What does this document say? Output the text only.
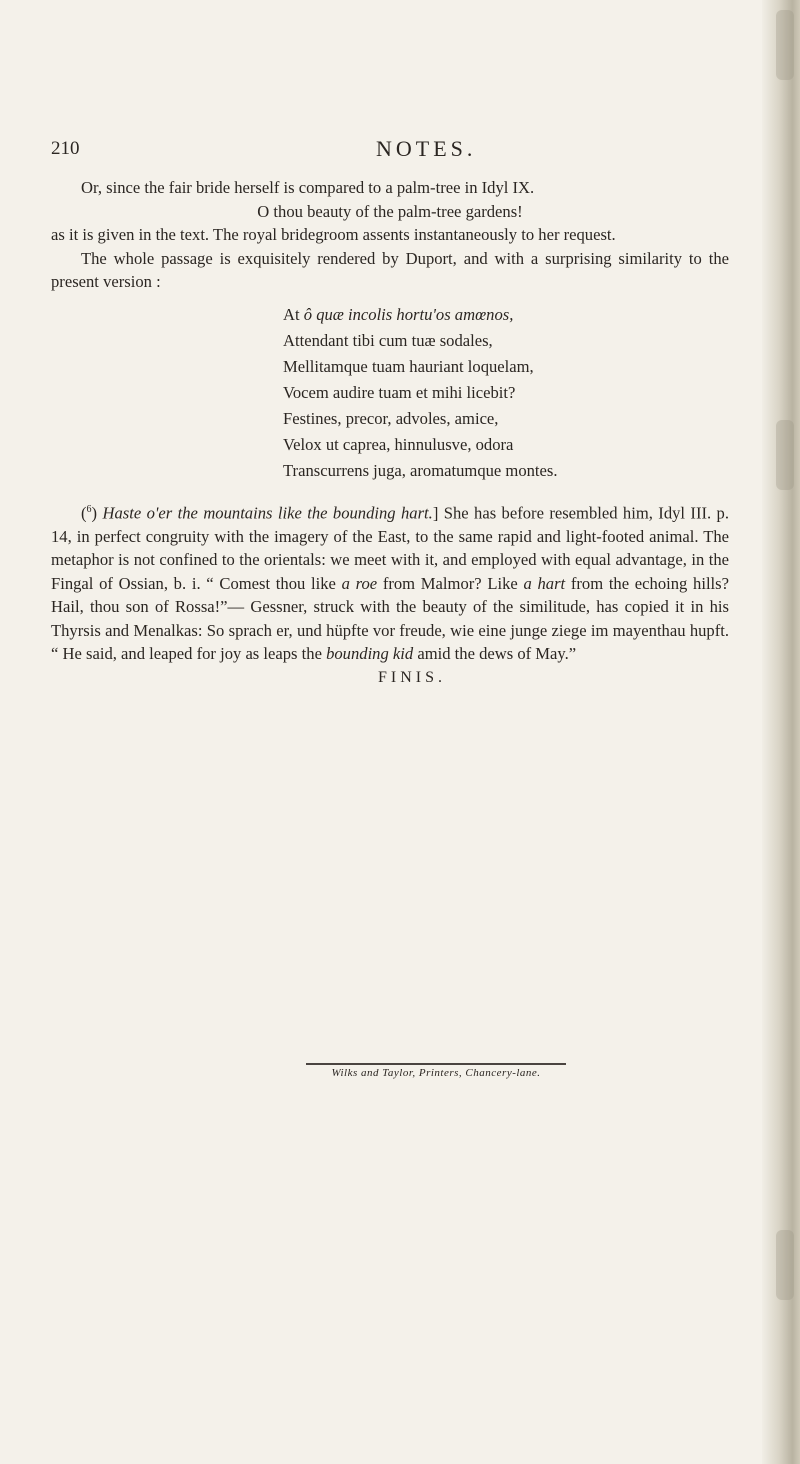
210	NOTES.

Or, since the fair bride herself is compared to a palm-tree in Idyl IX.

O thou beauty of the palm-tree gardens!

as it is given in the text. The royal bridegroom assents instantaneously to her request.

The whole passage is exquisitely rendered by Duport, and with a surprising similarity to the present version :

At ô quæ incolis hortu'os amœnos,
Attendant tibi cum tuæ sodales,
Mellitamque tuam hauriant loquelam,
Vocem audire tuam et mihi licebit?
Festines, precor, advoles, amice,
Velox ut caprea, hinnulusve, odora
Transcurrens juga, aromatumque montes.

($^6$) Haste o'er the mountains like the bounding hart.] She has before resembled him, Idyl III. p. 14, in perfect congruity with the imagery of the East, to the same rapid and light-footed animal. The metaphor is not confined to the orientals: we meet with it, and employed with equal advantage, in the Fingal of Ossian, b. i. “ Comest thou like a roe from Malmor? Like a hart from the echoing hills? Hail, thou son of Rossa!”— Gessner, struck with the beauty of the similitude, has copied it in his Thyrsis and Menalkas: So sprach er, und hüpfte vor freude, wie eine junge ziege im mayenthau hupft. “ He said, and leaped for joy as leaps the bounding kid amid the dews of May.”

FINIS.

Wilks and Taylor, Printers, Chancery-lane.
